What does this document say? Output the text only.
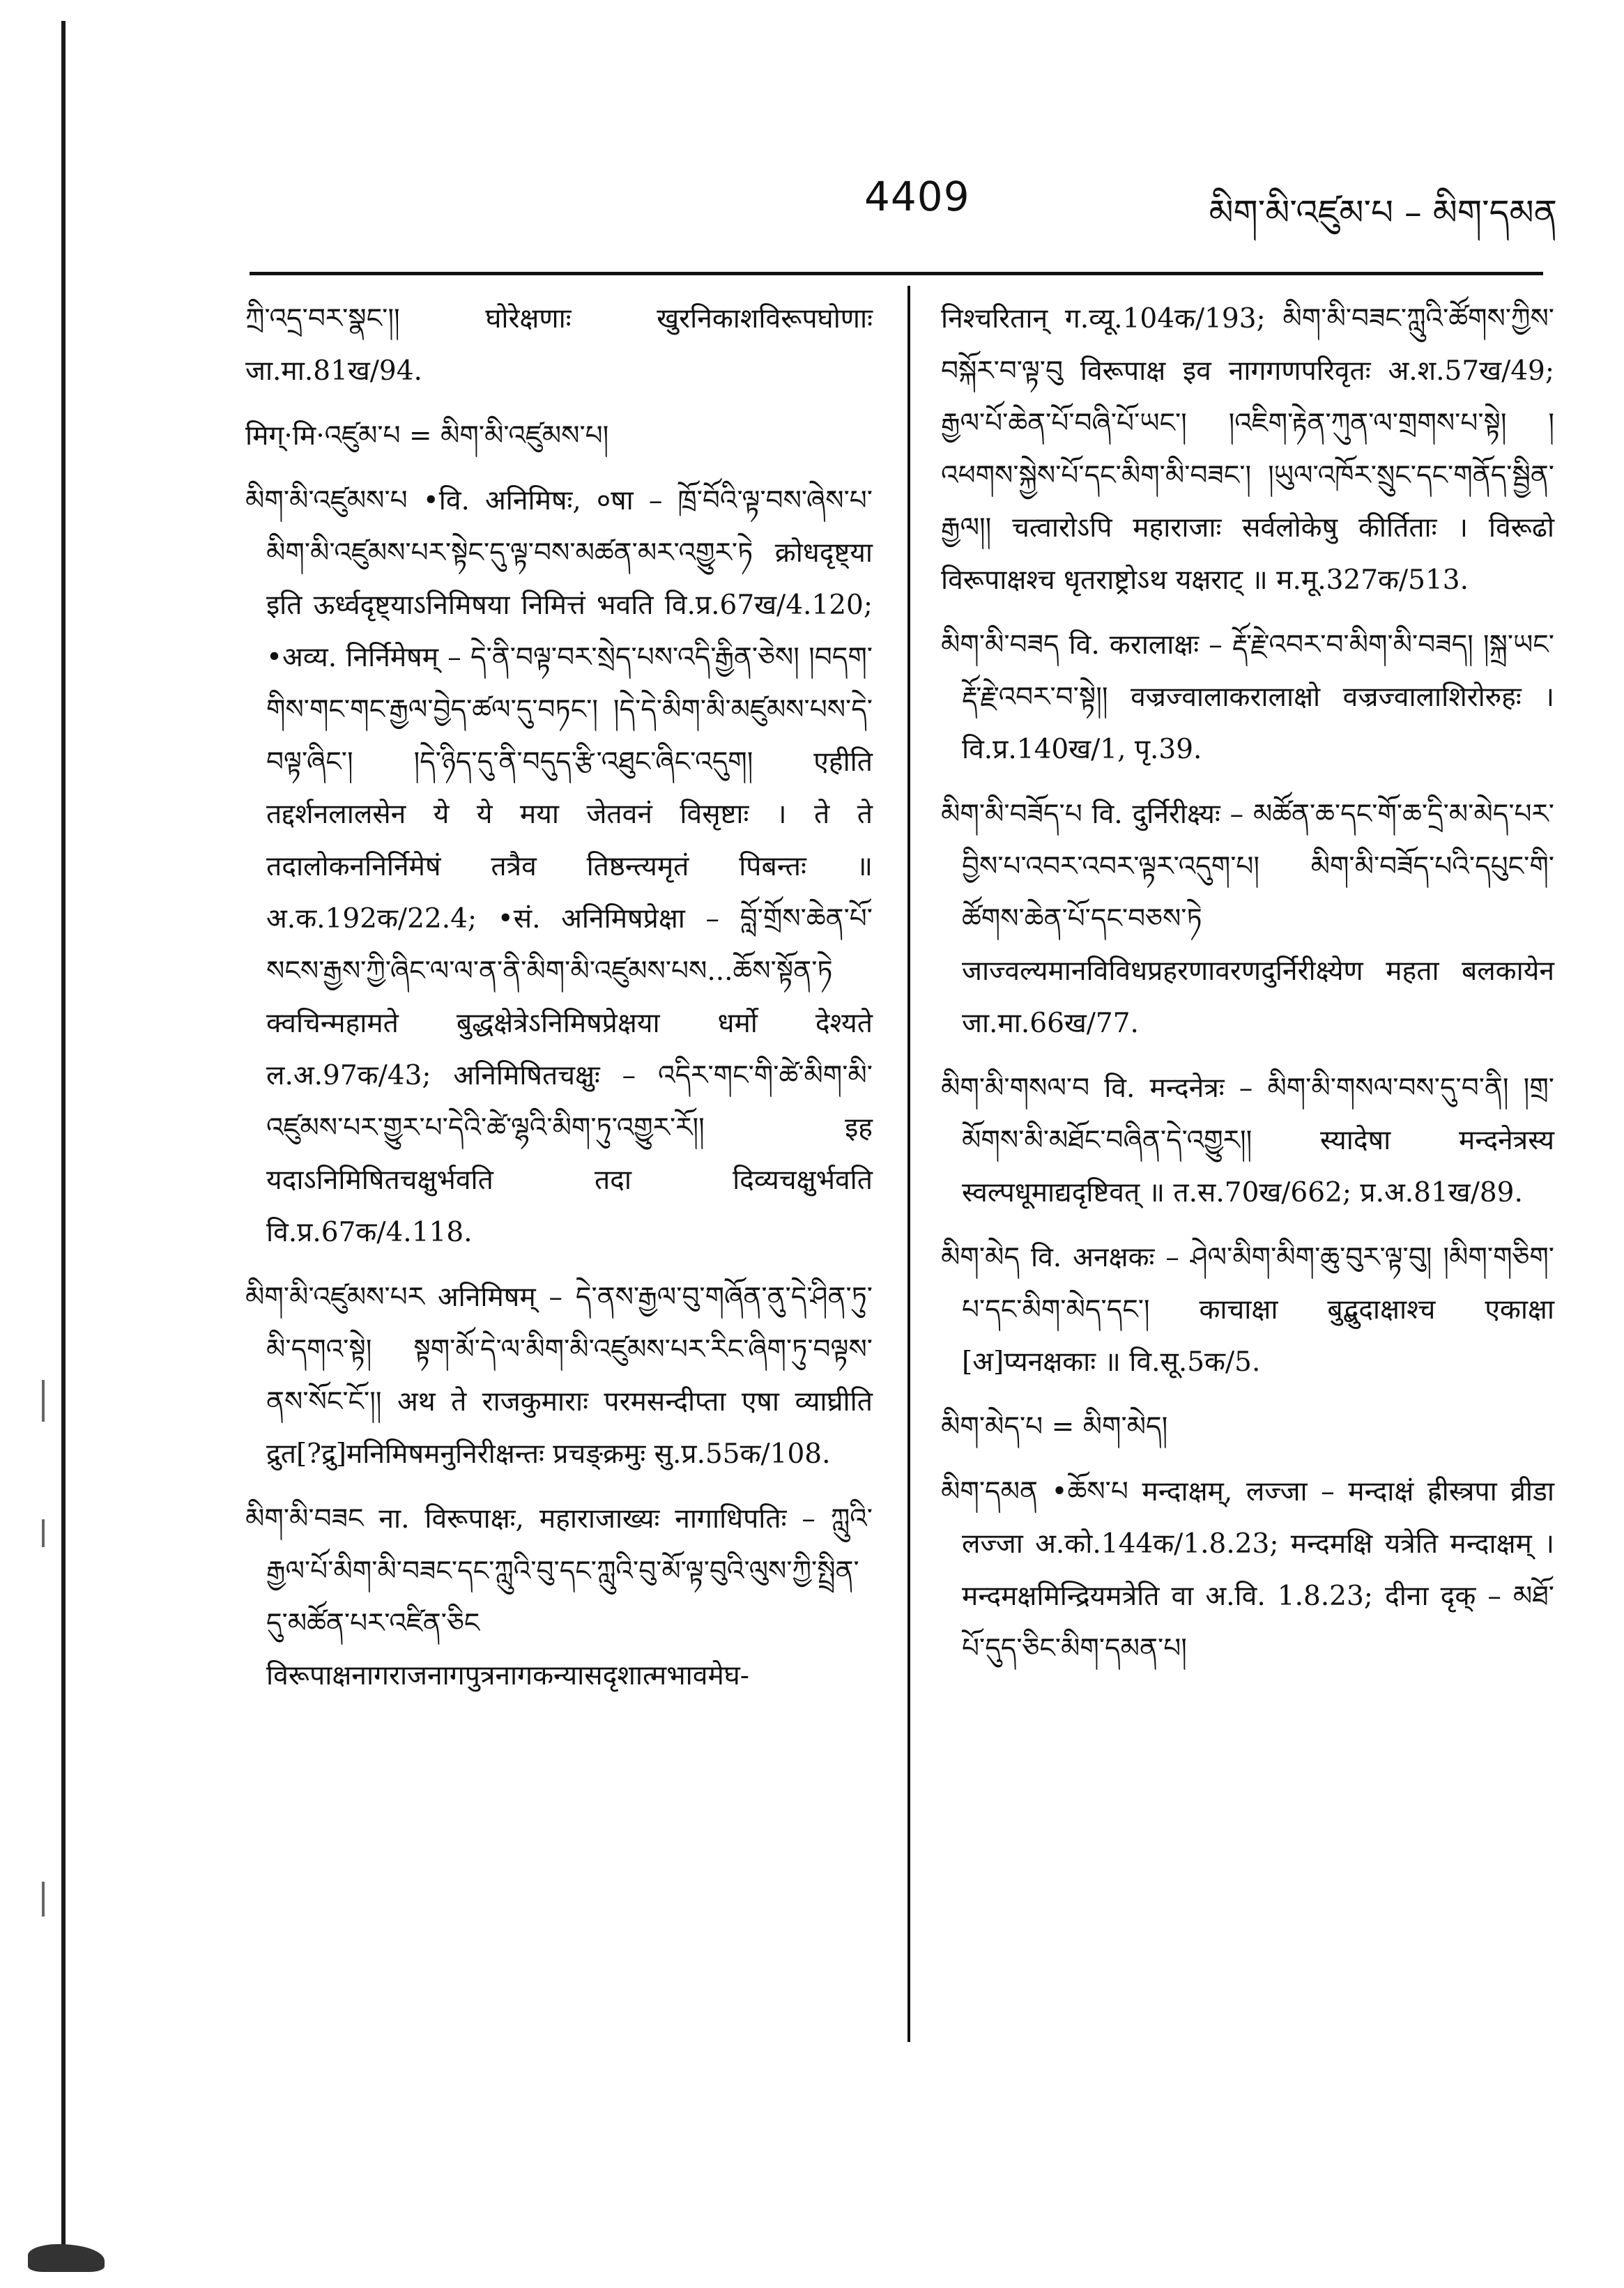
4409	མིག་མི་འཛུམ་པ – མིག་དམན

ཀྲི་འདྲ་བར་སྣང་།། घोरेक्षणाः खुरनिकाशविरूपघोणाः जा.मा.81ख/94.

मिग्·मि·འཛུམ་པ = མིག་མི་འཛུམས་པ།

མིག་མི་འཛུམས་པ •वि. अनिमिषः, ०षा – ཁྲོ་བོའི་ལྟ་བས་ཞེས་པ་མིག་མི་འཛུམས་པར་སྟེང་དུ་ལྟ་བས་མཚན་མར་འགྱུར་ཏེ क्रोधदृष्ट्या इति ऊर्ध्वदृष्ट्याऽनिमिषया निमित्तं भवति वि.प्र.67ख/4.120; •अव्य. निर्निमेषम् – དེ་ནི་བལྟ་བར་སྲེད་པས་འདི་རྒྱིན་ཅེས། །བདག་གིས་གང་གང་རྒྱལ་བྱེད་ཚལ་དུ་བཏང་། །དེ་དེ་མིག་མི་མཛུམས་པས་དེ་བལྟ་ཞིང་། །དེ་ཉིད་དུ་ནི་བདུད་རྩི་འཐུང་ཞིང་འདུག། एहीति तद्दर्शनलालसेन ये ये मया जेतवनं विसृष्टाः । ते ते तदालोकननिर्निमेषं तत्रैव तिष्ठन्त्यमृतं पिबन्तः ॥ अ.क.192क/22.4; •सं. अनिमिषप्रेक्षा – བློ་གྲོས་ཆེན་པོ་སངས་རྒྱས་ཀྱི་ཞིང་ལ་ལ་ན་ནི་མིག་མི་འཛུམས་པས...ཆོས་སྟོན་ཏེ क्वचिन्महामते बुद्धक्षेत्रेऽनिमिषप्रेक्षया धर्मो देश्यते ल.अ.97क/43; अनिमिषितचक्षुः – འདིར་གང་གི་ཚེ་མིག་མི་འཛུམས་པར་གྱུར་པ་དེའི་ཚེ་ལྷའི་མིག་ཏུ་འགྱུར་རོ།། इह यदाऽनिमिषितचक्षुर्भवति तदा दिव्यचक्षुर्भवति वि.प्र.67क/4.118.

མིག་མི་འཛུམས་པར अनिमिषम् – དེ་ནས་རྒྱལ་བུ་གཞོན་ནུ་དེ་ཤིན་ཏུ་མི་དགའ་སྟེ། སྟག་མོ་དེ་ལ་མིག་མི་འཛུམས་པར་རིང་ཞིག་ཏུ་བལྟས་ནས་སོང་ངོ་།། अथ ते राजकुमाराः परमसन्दीप्ता एषा व्याघ्रीति द्रुत[?द्रु]मनिमिषमनुनिरीक्षन्तः प्रचङ्क्रमुः सु.प्र.55क/108.

མིག་མི་བཟང ना. विरूपाक्षः, महाराजाख्यः नागाधिपतिः – ཀླུའི་རྒྱལ་པོ་མིག་མི་བཟང་དང་ཀླུའི་བུ་དང་ཀླུའི་བུ་མོ་ལྟ་བུའི་ལུས་ཀྱི་སྤྲིན་དུ་མཚོན་པར་འཛིན་ཅིང विरूपाक्षनागराजनागपुत्रनागकन्यासदृशात्मभावमेघ-

निश्चरितान् ग.व्यू.104क/193; མིག་མི་བཟང་ཀླུའི་ཚོགས་ཀྱིས་བསྐོར་བ་ལྟ་བུ विरूपाक्ष इव नागगणपरिवृतः अ.श.57ख/49; རྒྱལ་པོ་ཆེན་པོ་བཞི་པོ་ཡང་། །འཇིག་རྟེན་ཀུན་ལ་གྲགས་པ་སྟེ། །འཕགས་སྐྱེས་པོ་དང་མིག་མི་བཟང་། །ཡུལ་འཁོར་སྲུང་དང་གནོད་སྦྱིན་རྒྱལ།། चत्वारोऽपि महाराजाः सर्वलोकेषु कीर्तिताः । विरूढो विरूपाक्षश्च धृतराष्ट्रोऽथ यक्षराट् ॥ म.मू.327क/513.

མིག་མི་བཟད वि. करालाक्षः – རྡོ་རྗེ་འབར་བ་མིག་མི་བཟད། །སྐྲ་ཡང་རྡོ་རྗེ་འབར་བ་སྟེ།། वज्रज्वालाकरालाक्षो वज्रज्वालाशिरोरुहः । वि.प्र.140ख/1, पृ.39.

མིག་མི་བཟོད་པ वि. दुर्निरीक्ष्यः – མཚོན་ཆ་དང་གོ་ཆ་དྲི་མ་མེད་པར་བྱིས་པ་འབར་འབར་ལྟར་འདུག་པ། མིག་མི་བཟོད་པའི་དཔུང་གི་ཚོགས་ཆེན་པོ་དང་བཅས་ཏེ जाज्वल्यमानविविधप्रहरणावरणदुर्निरीक्ष्येण महता बलकायेन जा.मा.66ख/77.

མིག་མི་གསལ་བ वि. मन्दनेत्रः – མིག་མི་གསལ་བས་དུ་བ་ནི། །གྲ་མོགས་མི་མཐོང་བཞིན་དེ་འགྱུར།། स्यादेषा मन्दनेत्रस्य स्वल्पधूमाद्यदृष्टिवत् ॥ त.स.70ख/662; प्र.अ.81ख/89.

མིག་མེད वि. अनक्षकः – ཤེལ་མིག་མིག་ཆུ་བུར་ལྟ་བུ། །མིག་གཅིག་པ་དང་མིག་མེད་དང་། काचाक्षा बुद्बुदाक्षाश्च एकाक्षा [अ]प्यनक्षकाः ॥ वि.सू.5क/5.

མིག་མེད་པ = མིག་མེད།

མིག་དམན •ཆོས་པ मन्दाक्षम्, लज्जा – मन्दाक्षं ह्रीस्त्रपा व्रीडा लज्जा अ.को.144क/1.8.23; मन्दमक्षि यत्रेति मन्दाक्षम् । मन्दमक्षमिन्द्रियमत्रेति वा अ.वि. 1.8.23; दीना दृक् – མཐོ་པོ་དུད་ཅིང་མིག་དམན་པ།
